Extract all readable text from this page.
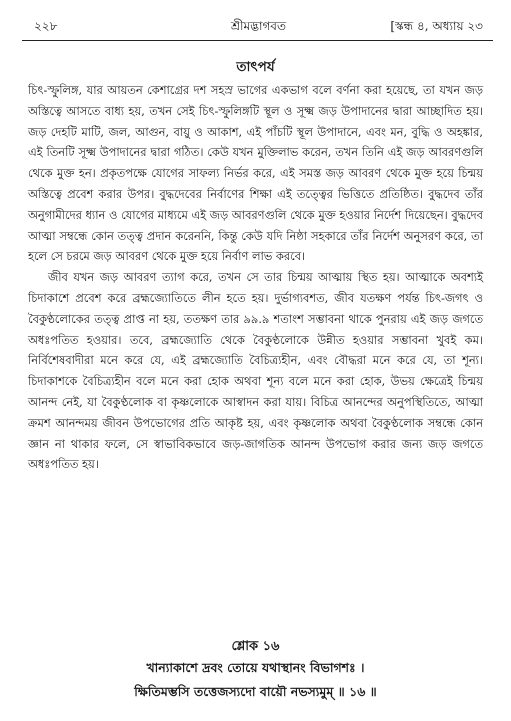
২২৮	শ্রীমদ্ভাগবত	[স্কন্ধ ৪, অধ্যায় ২৩
তাৎপর্য

চিৎ-স্ফুলিঙ্গ, যার আয়তন কেশাগ্রের দশ সহস্র ভাগের একভাগ বলে বর্ণনা করা হয়েছে, তা যখন জড় অস্তিত্বে আসতে বাধ্য হয়, তখন সেই চিৎ-স্ফুলিঙ্গটি স্থূল ও সূক্ষ্ম জড় উপাদানের দ্বারা আচ্ছাদিত হয়। জড় দেহটি মাটি, জল, আগুন, বায়ু ও আকাশ, এই পাঁচটি স্থূল উপাদানে, এবং মন, বুদ্ধি ও অহঙ্কার, এই তিনটি সূক্ষ্ম উপাদানের দ্বারা গঠিত। কেউ যখন মুক্তিলাভ করেন, তখন তিনি এই জড় আবরণগুলি থেকে মুক্ত হন। প্রকৃতপক্ষে যোগের সাফল্য নির্ভর করে, এই সমস্ত জড় আবরণ থেকে মুক্ত হয়ে চিন্ময় অস্তিত্বে প্রবেশ করার উপর। বুদ্ধদেবের নির্বাণের শিক্ষা এই তত্ত্বের ভিত্তিতে প্রতিষ্ঠিত। বুদ্ধদেব তাঁর অনুগামীদের ধ্যান ও যোগের মাধ্যমে এই জড় আবরণগুলি থেকে মুক্ত হওয়ার নির্দেশ দিয়েছেন। বুদ্ধদেব আত্মা সম্বন্ধে কোন তত্ত্ব প্রদান করেননি, কিন্তু কেউ যদি নিষ্ঠা সহকারে তাঁর নির্দেশ অনুসরণ করে, তা হলে সে চরমে জড় আবরণ থেকে মুক্ত হয়ে নির্বাণ লাভ করবে।

জীব যখন জড় আবরণ ত্যাগ করে, তখন সে তার চিন্ময় আত্মায় স্থিত হয়। আত্মাকে অবশ্যই চিদাকাশে প্রবেশ করে ব্রহ্মজ্যোতিতে লীন হতে হয়। দুর্ভাগ্যবশত, জীব যতক্ষণ পর্যন্ত চিৎ-জগৎ ও বৈকুণ্ঠলোকের তত্ত্ব প্রাপ্ত না হয়, ততক্ষণ তার ৯৯.৯ শতাংশ সম্ভাবনা থাকে পুনরায় এই জড় জগতে অধঃপতিত হওয়ার। তবে, ব্রহ্মজ্যোতি থেকে বৈকুণ্ঠলোকে উন্নীত হওয়ার সম্ভাবনা খুবই কম। নির্বিশেষবাদীরা মনে করে যে, এই ব্রহ্মজ্যোতি বৈচিত্র্যহীন, এবং বৌদ্ধরা মনে করে যে, তা শূন্য। চিদাকাশকে বৈচিত্র্যহীন বলে মনে করা হোক অথবা শূন্য বলে মনে করা হোক, উভয় ক্ষেত্রেই চিন্ময় আনন্দ নেই, যা বৈকুণ্ঠলোক বা কৃষ্ণলোকে আস্বাদন করা যায়। বিচিত্র আনন্দের অনুপস্থিতিতে, আত্মা ক্রমশ আনন্দময় জীবন উপভোগের প্রতি আকৃষ্ট হয়, এবং কৃষ্ণলোক অথবা বৈকুণ্ঠলোক সম্বন্ধে কোন জ্ঞান না থাকার ফলে, সে স্বাভাবিকভাবে জড়-জাগতিক আনন্দ উপভোগ করার জন্য জড় জগতে অধঃপতিত হয়।

শ্লোক ১৬
খান্যাকাশে দ্রবং তোয়ে যথাস্থানং বিভাগশঃ ।
ক্ষিতিমম্ভসি তত্তেজস্যদো বায়ৌ নভস্যমুম্ ॥ ১৬ ॥
